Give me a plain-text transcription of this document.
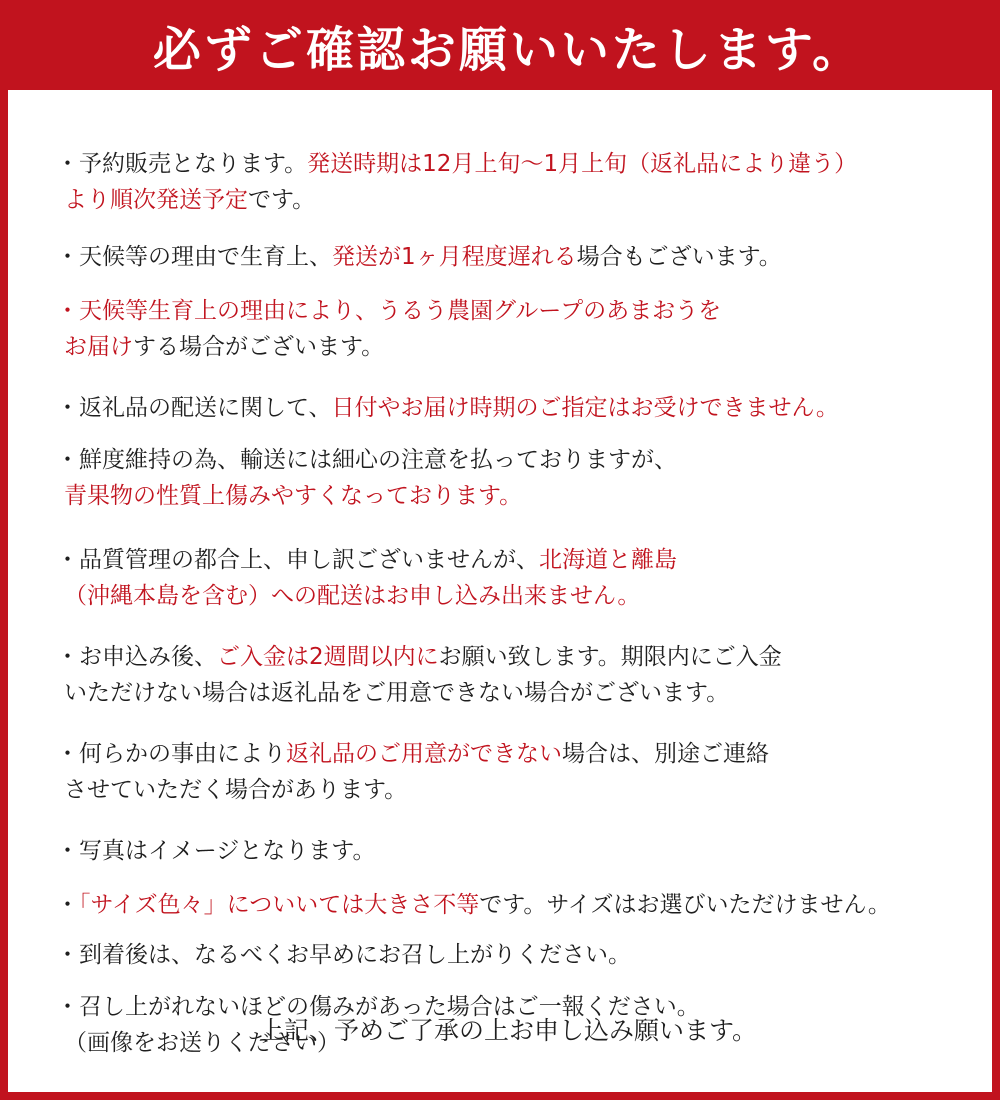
必ずご確認お願いいたします。
・予約販売となります。発送時期は12月上旬〜1月上旬（返礼品により違う）
より順次発送予定です。
・天候等の理由で生育上、発送が1ヶ月程度遅れる場合もございます。
・天候等生育上の理由により、うるう農園グループのあまおうを
お届けする場合がございます。
・返礼品の配送に関して、日付やお届け時期のご指定はお受けできません。
・鮮度維持の為、輸送には細心の注意を払っておりますが、
青果物の性質上傷みやすくなっております。
・品質管理の都合上、申し訳ございませんが、北海道と離島
（沖縄本島を含む）への配送はお申し込み出来ません。
・お申込み後、ご入金は2週間以内にお願い致します。期限内にご入金
いただけない場合は返礼品をご用意できない場合がございます。
・何らかの事由により返礼品のご用意ができない場合は、別途ご連絡
させていただく場合があります。
・写真はイメージとなります。
・「サイズ色々」についいては大きさ不等です。サイズはお選びいただけません。
・到着後は、なるべくお早めにお召し上がりください。
・召し上がれないほどの傷みがあった場合はご一報ください。
（画像をお送りください）
上記、予めご了承の上お申し込み願います。
